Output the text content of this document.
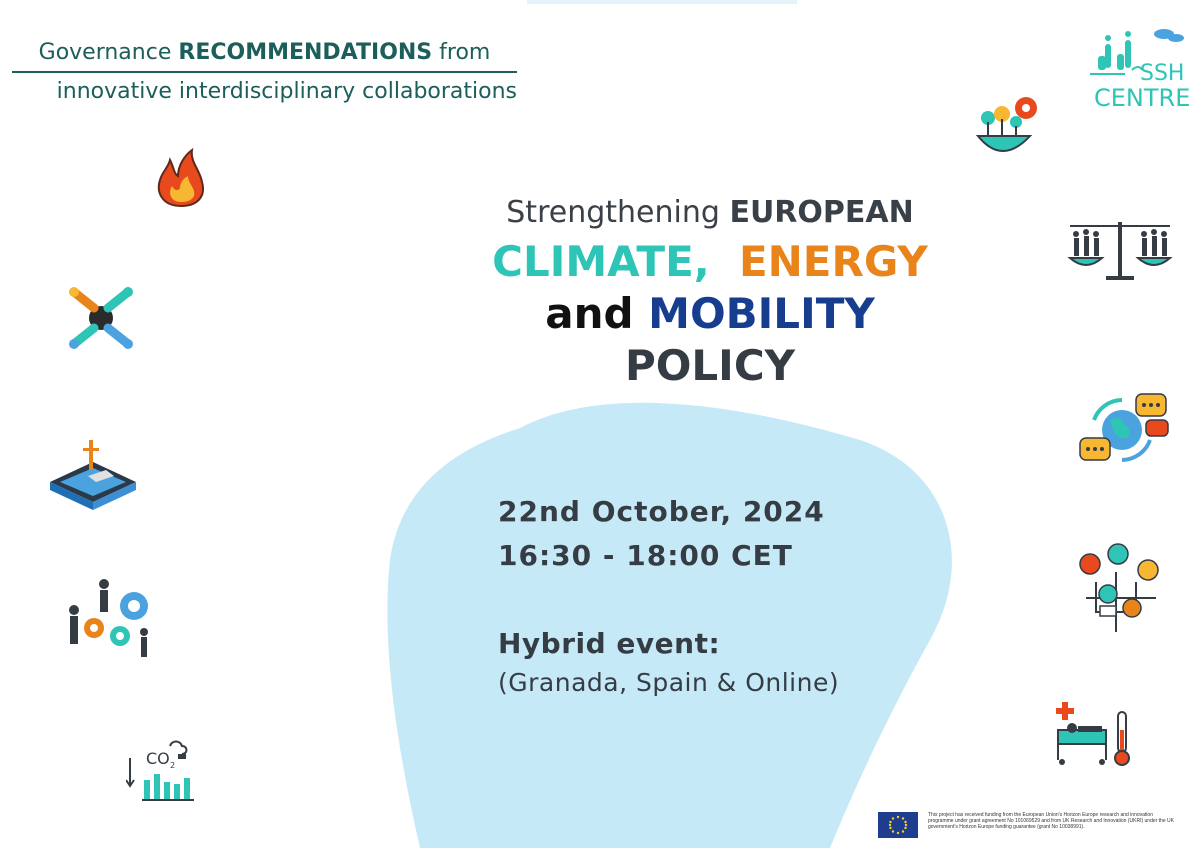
Governance RECOMMENDATIONS from
innovative interdisciplinary collaborations
SSH
CENTRE
Strengthening EUROPEAN
CLIMATE, ENERGY
and MOBILITY
POLICY
22nd October, 2024
16:30 - 18:00 CET
Hybrid event:
(Granada, Spain & Online)
CO 2
This project has received funding from the European Union's Horizon Europe research and innovation programme under grant agreement No 101069529 and from UK Research and Innovation (UKRI) under the UK government's Horizon Europe funding guarantee (grant No 10038991).
